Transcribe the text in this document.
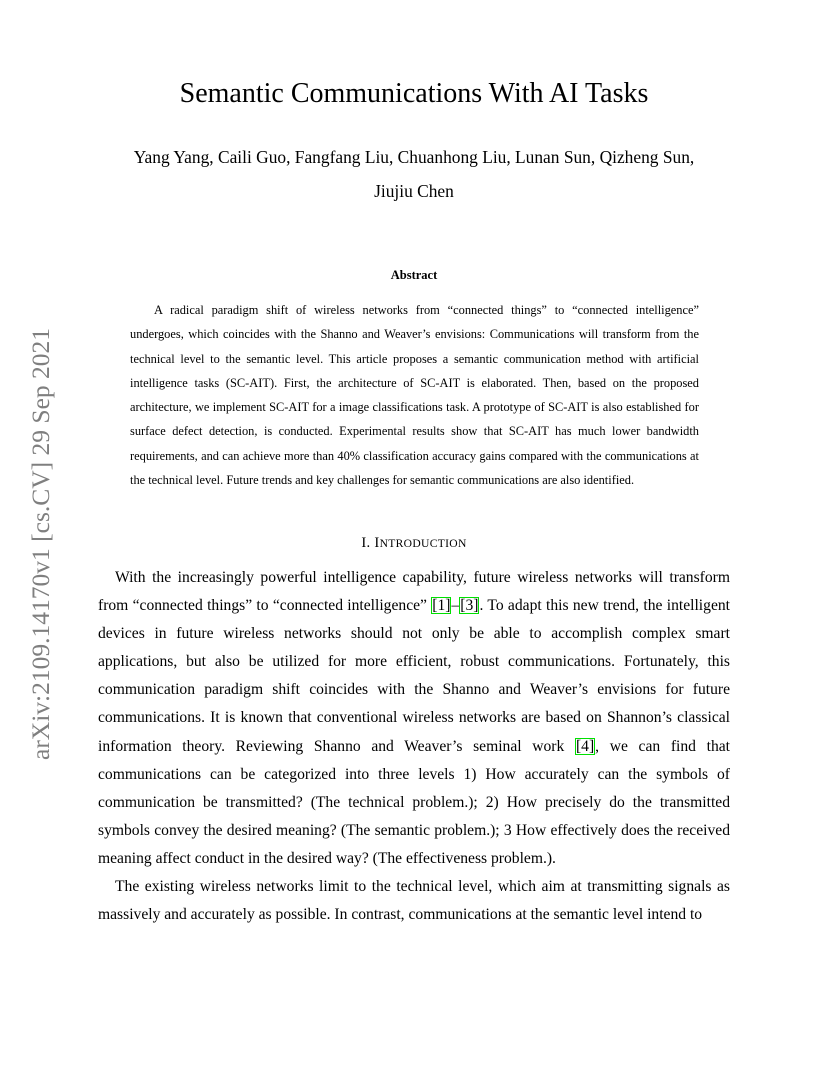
arXiv:2109.14170v1 [cs.CV] 29 Sep 2021
Semantic Communications With AI Tasks
Yang Yang, Caili Guo, Fangfang Liu, Chuanhong Liu, Lunan Sun, Qizheng Sun,
Jiujiu Chen
Abstract

A radical paradigm shift of wireless networks from “connected things” to “connected intelligence” undergoes, which coincides with the Shanno and Weaver’s envisions: Communications will transform from the technical level to the semantic level. This article proposes a semantic communication method with artificial intelligence tasks (SC-AIT). First, the architecture of SC-AIT is elaborated. Then, based on the proposed architecture, we implement SC-AIT for a image classifications task. A prototype of SC-AIT is also established for surface defect detection, is conducted. Experimental results show that SC-AIT has much lower bandwidth requirements, and can achieve more than 40% classification accuracy gains compared with the communications at the technical level. Future trends and key challenges for semantic communications are also identified.

I. INTRODUCTION

With the increasingly powerful intelligence capability, future wireless networks will transform from “connected things” to “connected intelligence” [1]–[3]. To adapt this new trend, the intelligent devices in future wireless networks should not only be able to accomplish complex smart applications, but also be utilized for more efficient, robust communications. Fortunately, this communication paradigm shift coincides with the Shanno and Weaver’s envisions for future communications. It is known that conventional wireless networks are based on Shannon’s classical information theory. Reviewing Shanno and Weaver’s seminal work [4], we can find that communications can be categorized into three levels 1) How accurately can the symbols of communication be transmitted? (The technical problem.); 2) How precisely do the transmitted symbols convey the desired meaning? (The semantic problem.); 3 How effectively does the received meaning affect conduct in the desired way? (The effectiveness problem.).

The existing wireless networks limit to the technical level, which aim at transmitting signals as massively and accurately as possible. In contrast, communications at the semantic level intend to
